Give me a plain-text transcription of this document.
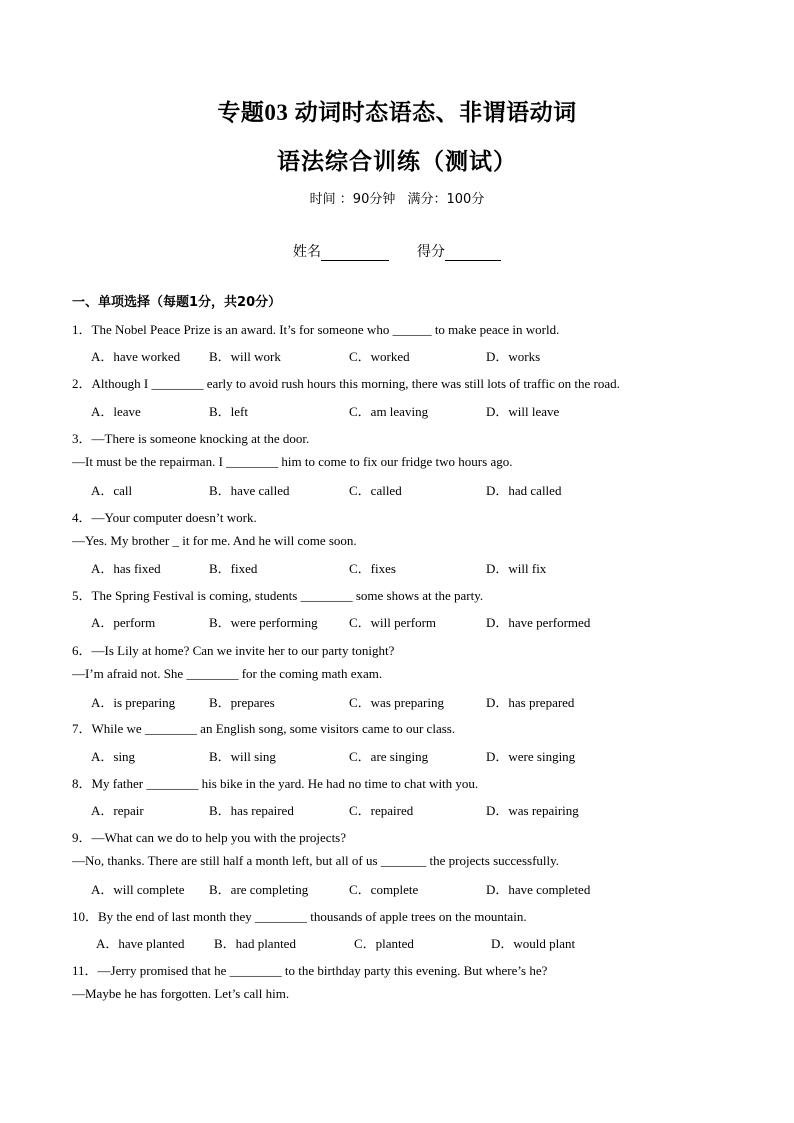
专题03 动词时态语态、非谓语动词
语法综合训练（测试）
时间 ：90分钟 满分：100分
姓名	得分
一、单项选择（每题1分，共20分）
1．The Nobel Peace Prize is an award. It’s for someone who ______ to make peace in world.
A．have worked B．will work	C．worked	D．works
2．Although I ________ early to avoid rush hours this morning, there was still lots of traffic on the road.
A．leave	B．left	C．am leaving	D．will leave
3．—There is someone knocking at the door.
—It must be the repairman. I ________ him to come to fix our fridge two hours ago.
A．call	B．have called	C．called	D．had called
4．—Your computer doesn’t work.
—Yes. My brother _ it for me. And he will come soon.
A．has fixed	B．fixed	C．fixes	D．will fix
5．The Spring Festival is coming, students ________ some shows at the party.
A．perform	B．were performing C．will perform	D．have performed
6．—Is Lily at home? Can we invite her to our party tonight?
—I’m afraid not. She ________ for the coming math exam.
A．is preparing	B．prepares	C．was preparing	D．has prepared
7．While we ________ an English song, some visitors came to our class.
A．sing	B．will sing	C．are singing	D．were singing
8．My father ________ his bike in the yard. He had no time to chat with you.
A．repair	B．has repaired	C．repaired	D．was repairing
9．—What can we do to help you with the projects?
—No, thanks. There are still half a month left, but all of us _______ the projects successfully.
A．will complete B．are completing	C．complete	D．have completed
10．By the end of last month they ________ thousands of apple trees on the mountain.
A．have planted B．had planted	C．planted	D．would plant
11．—Jerry promised that he ________ to the birthday party this evening. But where’s he?
—Maybe he has forgotten. Let’s call him.
